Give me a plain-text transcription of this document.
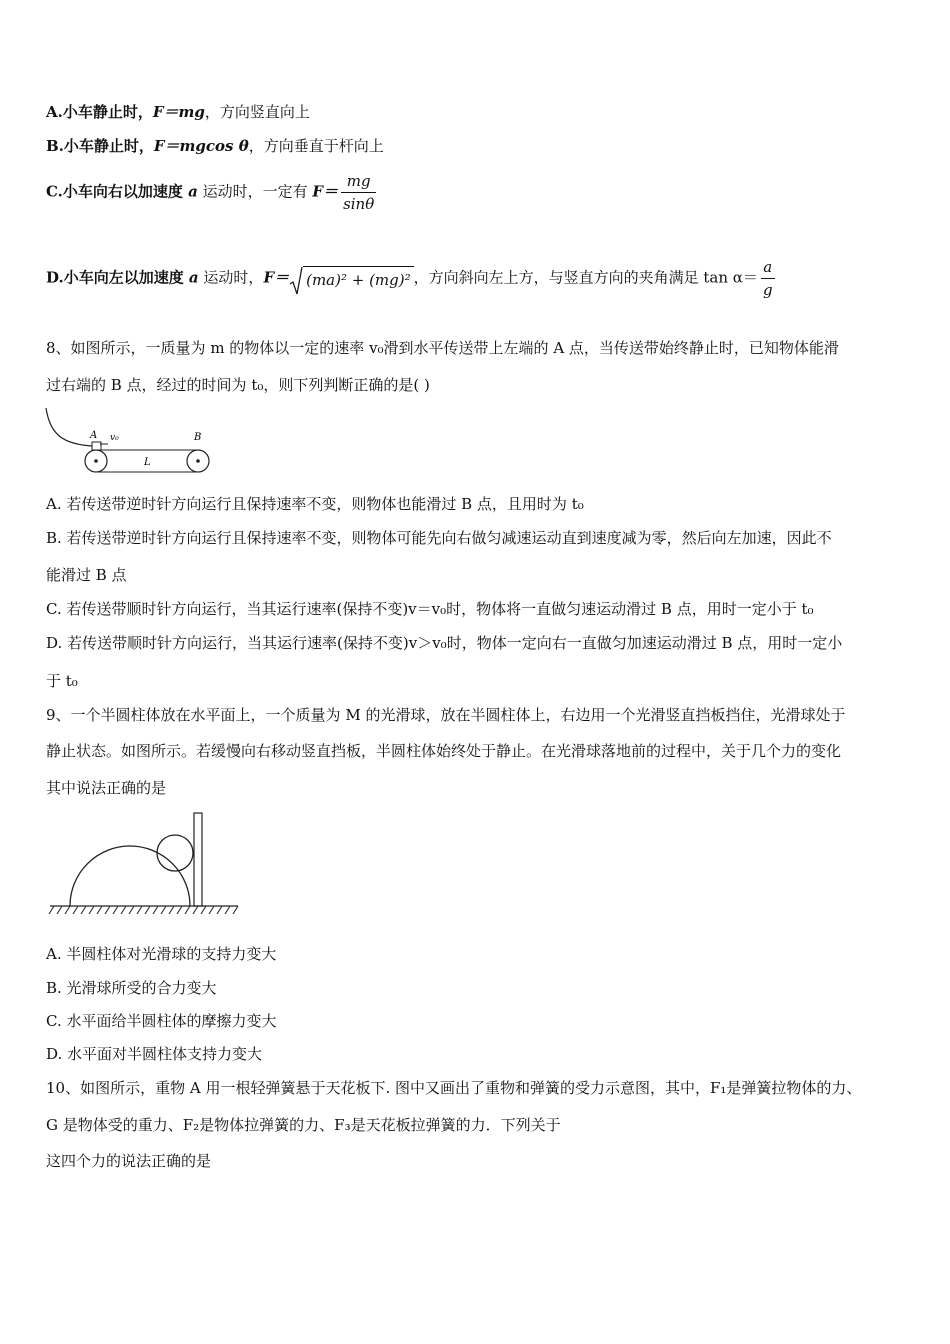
A.小车静止时，F＝mg，方向竖直向上
B.小车静止时，F＝mgcos θ，方向垂直于杆向上
C.小车向右以加速度 a 运动时，一定有 $F= \frac{mg}{\sin\theta}$
D.小车向左以加速度 a 运动时，F＝ (ma)² + (mg)² ，方向斜向左上方，与竖直方向的夹角满足 $\tan \alpha= \frac{a}{g}$
8、如图所示，一质量为 m 的物体以一定的速率 v₀滑到水平传送带上左端的 A 点，当传送带始终静止时，已知物体能滑
过右端的 B 点，经过的时间为 t₀，则下列判断正确的是( )
A v₀	B
L
A. 若传送带逆时针方向运行且保持速率不变，则物体也能滑过 B 点，且用时为 t₀
B. 若传送带逆时针方向运行且保持速率不变，则物体可能先向右做匀减速运动直到速度减为零，然后向左加速，因此不
能滑过 B 点
C. 若传送带顺时针方向运行，当其运行速率(保持不变)v＝v₀时，物体将一直做匀速运动滑过 B 点，用时一定小于 t₀
D. 若传送带顺时针方向运行，当其运行速率(保持不变)v＞v₀时，物体一定向右一直做匀加速运动滑过 B 点，用时一定小
于 t₀
9、一个半圆柱体放在水平面上，一个质量为 M 的光滑球，放在半圆柱体上，右边用一个光滑竖直挡板挡住，光滑球处于
静止状态。如图所示。若缓慢向右移动竖直挡板，半圆柱体始终处于静止。在光滑球落地前的过程中，关于几个力的变化
其中说法正确的是
A. 半圆柱体对光滑球的支持力变大
B. 光滑球所受的合力变大
C. 水平面给半圆柱体的摩擦力变大
D. 水平面对半圆柱体支持力变大
10、如图所示，重物 A 用一根轻弹簧悬于天花板下. 图中又画出了重物和弹簧的受力示意图，其中，F₁是弹簧拉物体的力、
G 是物体受的重力、F₂是物体拉弹簧的力、F₃是天花板拉弹簧的力．下列关于
这四个力的说法正确的是
